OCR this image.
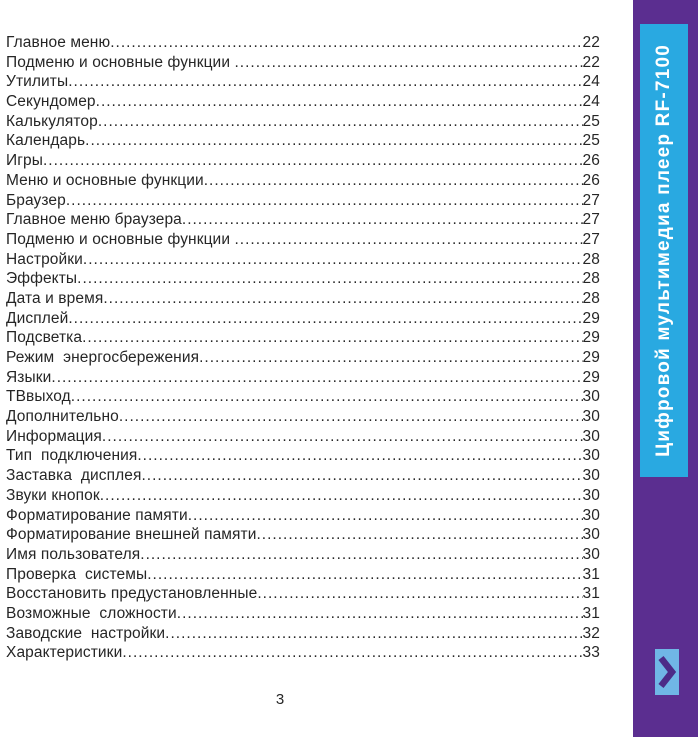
Главное меню .....	22
Подменю и основные функции .....	22
Утилиты .....	24
Секундомер .....	24
Калькулятор .....	25
Календарь .....	25
Игры .....	26
Меню и основные функции .....	26
Браузер .....	27
Главное меню браузера .....	27
Подменю и основные функции .....	27
Настройки .....	28
Эффекты .....	28
Дата и время .....	28
Дисплей .....	29
Подсветка .....	29
Режим  энергосбережения .....	29
Языки .....	29
ТВвыход .....	30
Дополнительно .....	30
Информация .....	30
Тип  подключения .....	30
Заставка  дисплея .....	30
Звуки кнопок .....	30
Форматирование памяти .....	30
Форматирование внешней памяти .....	30
Имя пользователя .....	30
Проверка  системы .....	31
Восстановить предустановленные .....	31
Возможные  сложности .....	31
Заводские  настройки .....	32
Характеристики .....	33
3
Цифровой мультимедиа плеер RF-7100
